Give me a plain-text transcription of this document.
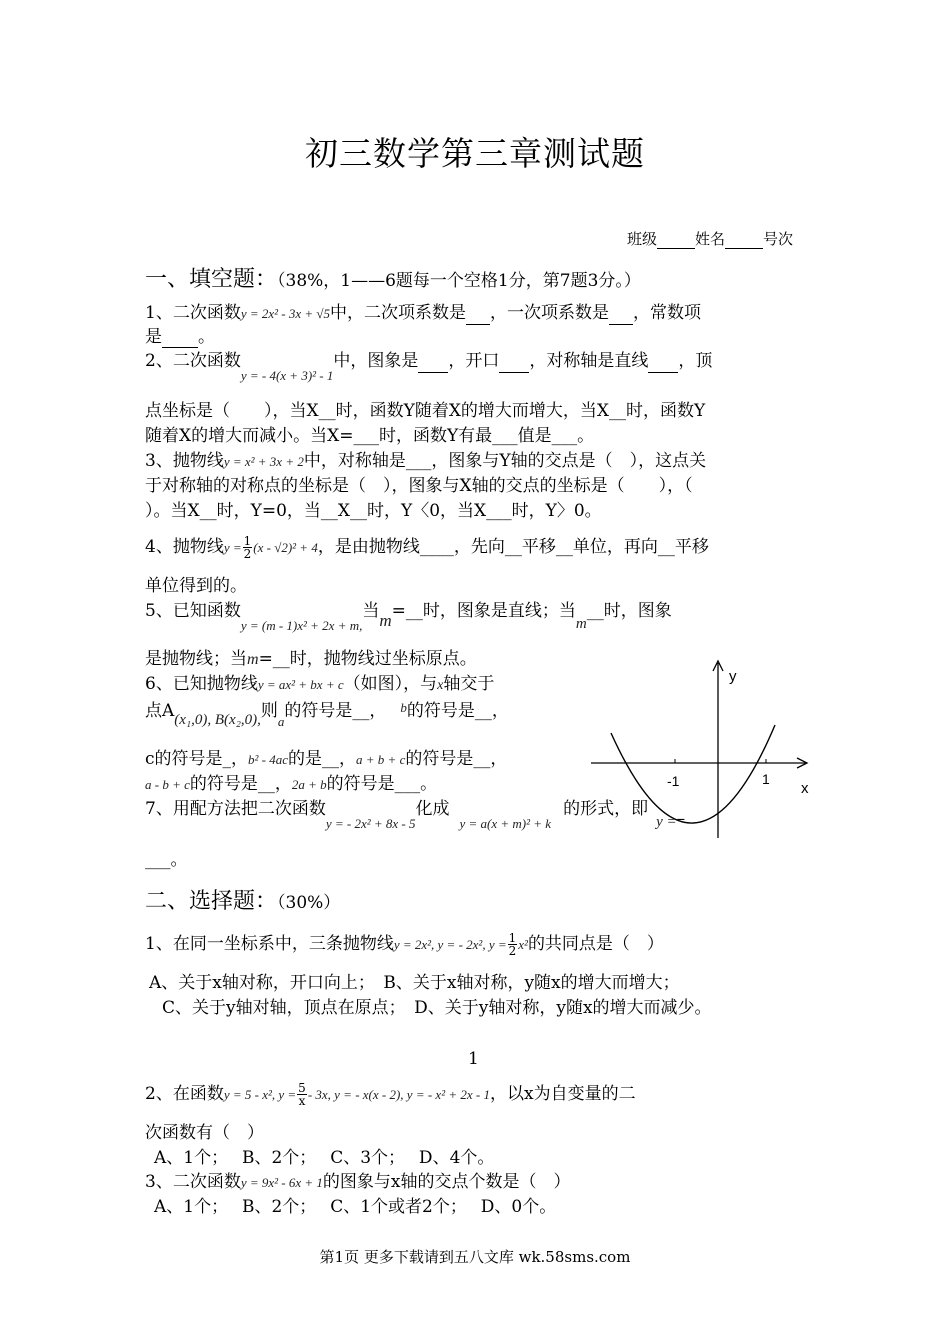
初三数学第三章测试题
班级	姓名	号次
一、填空题：（38%，1——6题每一个空格1分，第7题3分。）
1、二次函数y = 2x² - 3x + √5中，二次项系数是 ，一次项系数是 ，常数项
是 。
2、二次函数$_{y = - 4(x + 3)^2 - 1}$中，图象是 ，开口 ，对称轴是直线 ，顶
点坐标是（　　），当X__时，函数Y随着X的增大而增大，当X__时，函数Y
随着X的增大而减小。当X=___时，函数Y有最___值是___。
3、抛物线y = x² + 3x + 2中，对称轴是___，图象与Y轴的交点是（　），这点关
于对称轴的对称点的坐标是（　），图象与X轴的交点的坐标是（　　），（
）。当X__时，Y=0，当__X__时，Y〈0，当X___时，Y〉0。
4、抛物线$y = \frac{1}{2} (x - √2)^2 + 4$，是由抛物线____，先向__平移__单位，再向__平移
单位得到的。
5、已知函数$_{y = (m - 1)x^2 + 2x + m,}$当m=__时，图象是直线；当m__时，图象
是抛物线；当m=__时，抛物线过坐标原点。
6、已知抛物线y = ax² + bx + c（如图），与x轴交于
点A(x₁,0), B(x₂,0),则$_a$的符号是__， $^b$的符号是__，
c的符号是_，b² - 4ac的是__，a + b + c的符号是__，
a - b + c的符号是__，2a + b的符号是___。
y
x
-1	1
7、用配方法把二次函数$_{y = - 2x^2 + 8x - 5}$化成$_{y = a(x + m)^2 + k}$的形式，即y =–
___。
二、选择题：（30%）
1、在同一坐标系中，三条抛物线y = 2x², y = - 2x², $y = \frac{1}{2} x^2$的共同点是（　）
A、关于x轴对称，开口向上；　B、关于x轴对称，y随x的增大而增大；
C、关于y轴对轴，顶点在原点；　D、关于y轴对称，y随x的增大而减少。
1
2、在函数y = 5 - x², $y = \frac{5}{x} - 3x$, y = - x(x - 2), y = - x² + 2x - 1，以x为自变量的二
次函数有（　）
A、1个；　 B、2个；　 C、3个；　 D、4个。
3、二次函数y = 9x² - 6x + 1的图象与x轴的交点个数是（　）
A、1个；　 B、2个；　 C、1个或者2个；　 D、0个。
第1页 更多下载请到五八文库 wk.58sms.com
